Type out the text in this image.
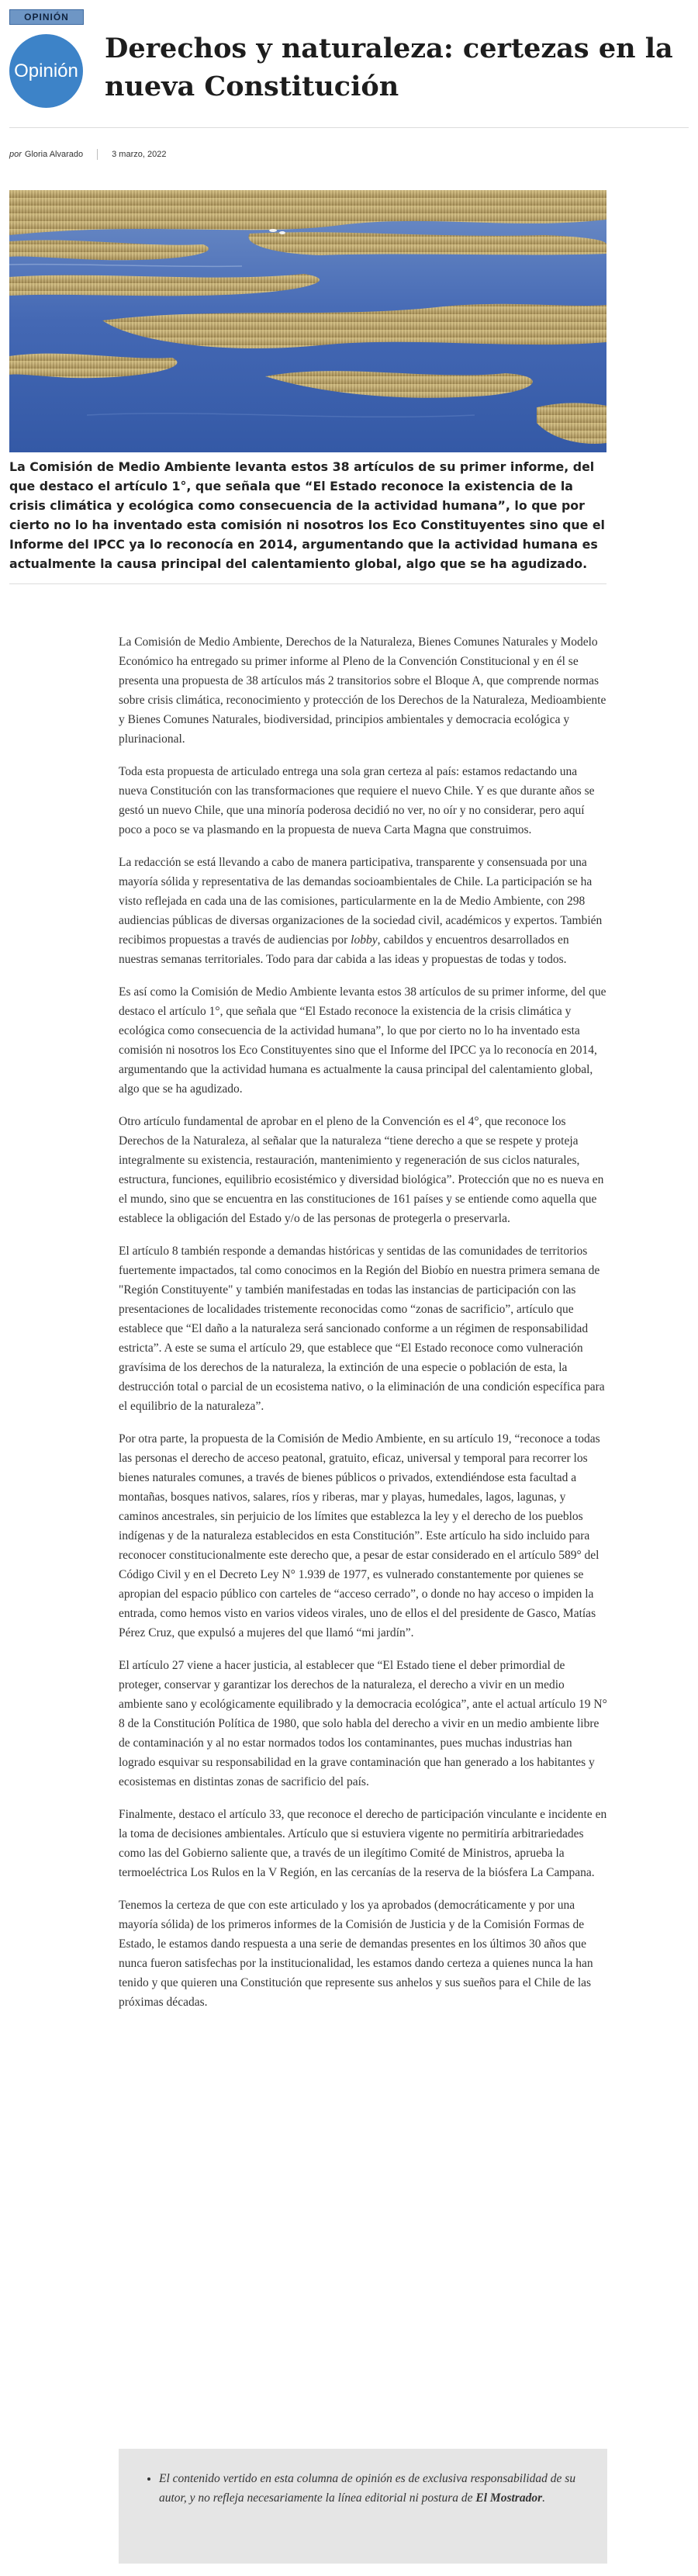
OPINIÓN
Opinión
Derechos y naturaleza: certezas en la nueva Constitución
por Gloria Alvarado	3 marzo, 2022

La Comisión de Medio Ambiente levanta estos 38 artículos de su primer informe, del que destaco el artículo 1°, que señala que “El Estado reconoce la existencia de la crisis climática y ecológica como consecuencia de la actividad humana”, lo que por cierto no lo ha inventado esta comisión ni nosotros los Eco Constituyentes sino que el Informe del IPCC ya lo reconocía en 2014, argumentando que la actividad humana es actualmente la causa principal del calentamiento global, algo que se ha agudizado.

La Comisión de Medio Ambiente, Derechos de la Naturaleza, Bienes Comunes Naturales y Modelo Económico ha entregado su primer informe al Pleno de la Convención Constitucional y en él se presenta una propuesta de 38 artículos más 2 transitorios sobre el Bloque A, que comprende normas sobre crisis climática, reconocimiento y protección de los Derechos de la Naturaleza, Medioambiente y Bienes Comunes Naturales, biodiversidad, principios ambientales y democracia ecológica y plurinacional.

Toda esta propuesta de articulado entrega una sola gran certeza al país: estamos redactando una nueva Constitución con las transformaciones que requiere el nuevo Chile. Y es que durante años se gestó un nuevo Chile, que una minoría poderosa decidió no ver, no oír y no considerar, pero aquí poco a poco se va plasmando en la propuesta de nueva Carta Magna que construimos.

La redacción se está llevando a cabo de manera participativa, transparente y consensuada por una mayoría sólida y representativa de las demandas socioambientales de Chile. La participación se ha visto reflejada en cada una de las comisiones, particularmente en la de Medio Ambiente, con 298 audiencias públicas de diversas organizaciones de la sociedad civil, académicos y expertos. También recibimos propuestas a través de audiencias por lobby, cabildos y encuentros desarrollados en nuestras semanas territoriales. Todo para dar cabida a las ideas y propuestas de todas y todos.

Es así como la Comisión de Medio Ambiente levanta estos 38 artículos de su primer informe, del que destaco el artículo 1°, que señala que “El Estado reconoce la existencia de la crisis climática y ecológica como consecuencia de la actividad humana”, lo que por cierto no lo ha inventado esta comisión ni nosotros los Eco Constituyentes sino que el Informe del IPCC ya lo reconocía en 2014, argumentando que la actividad humana es actualmente la causa principal del calentamiento global, algo que se ha agudizado.

Otro artículo fundamental de aprobar en el pleno de la Convención es el 4°, que reconoce los Derechos de la Naturaleza, al señalar que la naturaleza “tiene derecho a que se respete y proteja integralmente su existencia, restauración, mantenimiento y regeneración de sus ciclos naturales, estructura, funciones, equilibrio ecosistémico y diversidad biológica”. Protección que no es nueva en el mundo, sino que se encuentra en las constituciones de 161 países y se entiende como aquella que establece la obligación del Estado y/o de las personas de protegerla o preservarla.

El artículo 8 también responde a demandas históricas y sentidas de las comunidades de territorios fuertemente impactados, tal como conocimos en la Región del Biobío en nuestra primera semana de "Región Constituyente" y también manifestadas en todas las instancias de participación con las presentaciones de localidades tristemente reconocidas como “zonas de sacrificio”, artículo que establece que “El daño a la naturaleza será sancionado conforme a un régimen de responsabilidad estricta”. A este se suma el artículo 29, que establece que “El Estado reconoce como vulneración gravísima de los derechos de la naturaleza, la extinción de una especie o población de esta, la destrucción total o parcial de un ecosistema nativo, o la eliminación de una condición específica para el equilibrio de la naturaleza”.

Por otra parte, la propuesta de la Comisión de Medio Ambiente, en su artículo 19, “reconoce a todas las personas el derecho de acceso peatonal, gratuito, eficaz, universal y temporal para recorrer los bienes naturales comunes, a través de bienes públicos o privados, extendiéndose esta facultad a montañas, bosques nativos, salares, ríos y riberas, mar y playas, humedales, lagos, lagunas, y caminos ancestrales, sin perjuicio de los límites que establezca la ley y el derecho de los pueblos indígenas y de la naturaleza establecidos en esta Constitución”. Este artículo ha sido incluido para reconocer constitucionalmente este derecho que, a pesar de estar considerado en el artículo 589° del Código Civil y en el Decreto Ley N° 1.939 de 1977, es vulnerado constantemente por quienes se apropian del espacio público con carteles de “acceso cerrado”, o donde no hay acceso o impiden la entrada, como hemos visto en varios videos virales, uno de ellos el del presidente de Gasco, Matías Pérez Cruz, que expulsó a mujeres del que llamó “mi jardín”.

El artículo 27 viene a hacer justicia, al establecer que “El Estado tiene el deber primordial de proteger, conservar y garantizar los derechos de la naturaleza, el derecho a vivir en un medio ambiente sano y ecológicamente equilibrado y la democracia ecológica”, ante el actual artículo 19 N° 8 de la Constitución Política de 1980, que solo habla del derecho a vivir en un medio ambiente libre de contaminación y al no estar normados todos los contaminantes, pues muchas industrias han logrado esquivar su responsabilidad en la grave contaminación que han generado a los habitantes y ecosistemas en distintas zonas de sacrificio del país.

Finalmente, destaco el artículo 33, que reconoce el derecho de participación vinculante e incidente en la toma de decisiones ambientales. Artículo que si estuviera vigente no permitiría arbitrariedades como las del Gobierno saliente que, a través de un ilegítimo Comité de Ministros, aprueba la termoeléctrica Los Rulos en la V Región, en las cercanías de la reserva de la biósfera La Campana.

Tenemos la certeza de que con este articulado y los ya aprobados (democráticamente y por una mayoría sólida) de los primeros informes de la Comisión de Justicia y de la Comisión Formas de Estado, le estamos dando respuesta a una serie de demandas presentes en los últimos 30 años que nunca fueron satisfechas por la institucionalidad, les estamos dando certeza a quienes nunca la han tenido y que quieren una Constitución que represente sus anhelos y sus sueños para el Chile de las próximas décadas.

• El contenido vertido en esta columna de opinión es de exclusiva responsabilidad de su autor, y no refleja necesariamente la línea editorial ni postura de El Mostrador.
